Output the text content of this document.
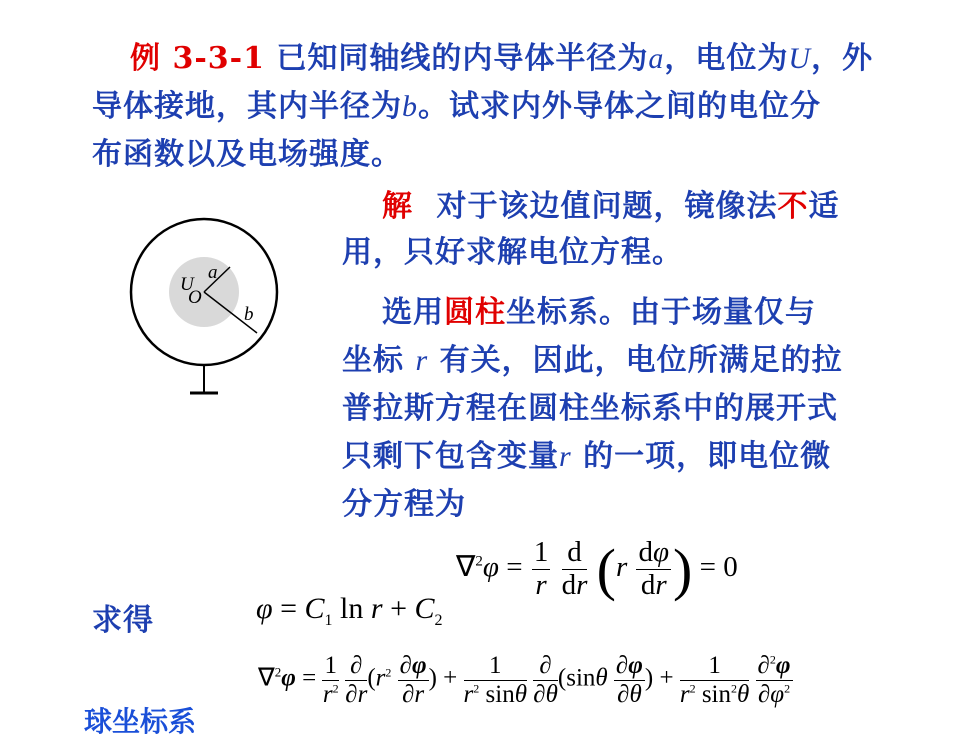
例 3-3-1 已知同轴线的内导体半径为a，电位为U，外
导体接地，其内半径为b。试求内外导体之间的电位分
布函数以及电场强度。
U
O
a
b
解 对于该边值问题，镜像法不适
用，只好求解电位方程。
选用圆柱坐标系。由于场量仅与
坐标 r 有关，因此，电位所满足的拉
普拉斯方程在圆柱坐标系中的展开式
只剩下包含变量r 的一项，即电位微
分方程为
$\nabla^2\varphi = \frac{1}{r}$
$\frac{d}{dr} (r \frac{d\varphi}{dr}$ ) = 0
求得	$\varphi = C_1$ $\ln r + C_2$
$\nabla^2\varphi = \frac{1}{r^2}$
$\frac{\partial}{\partial r} (r^2 \frac{\partial\varphi}{\partial r}$ ) + $\frac{1}{r^2 \sin\theta}$
$\frac{\partial}{\partial\theta} (\sin\theta \frac{\partial\varphi}{\partial\theta}$ ) + $\frac{1}{r^2 \sin^2\theta}$
$\frac{\partial^2\varphi}{\partial\varphi^2}$
球坐标系
